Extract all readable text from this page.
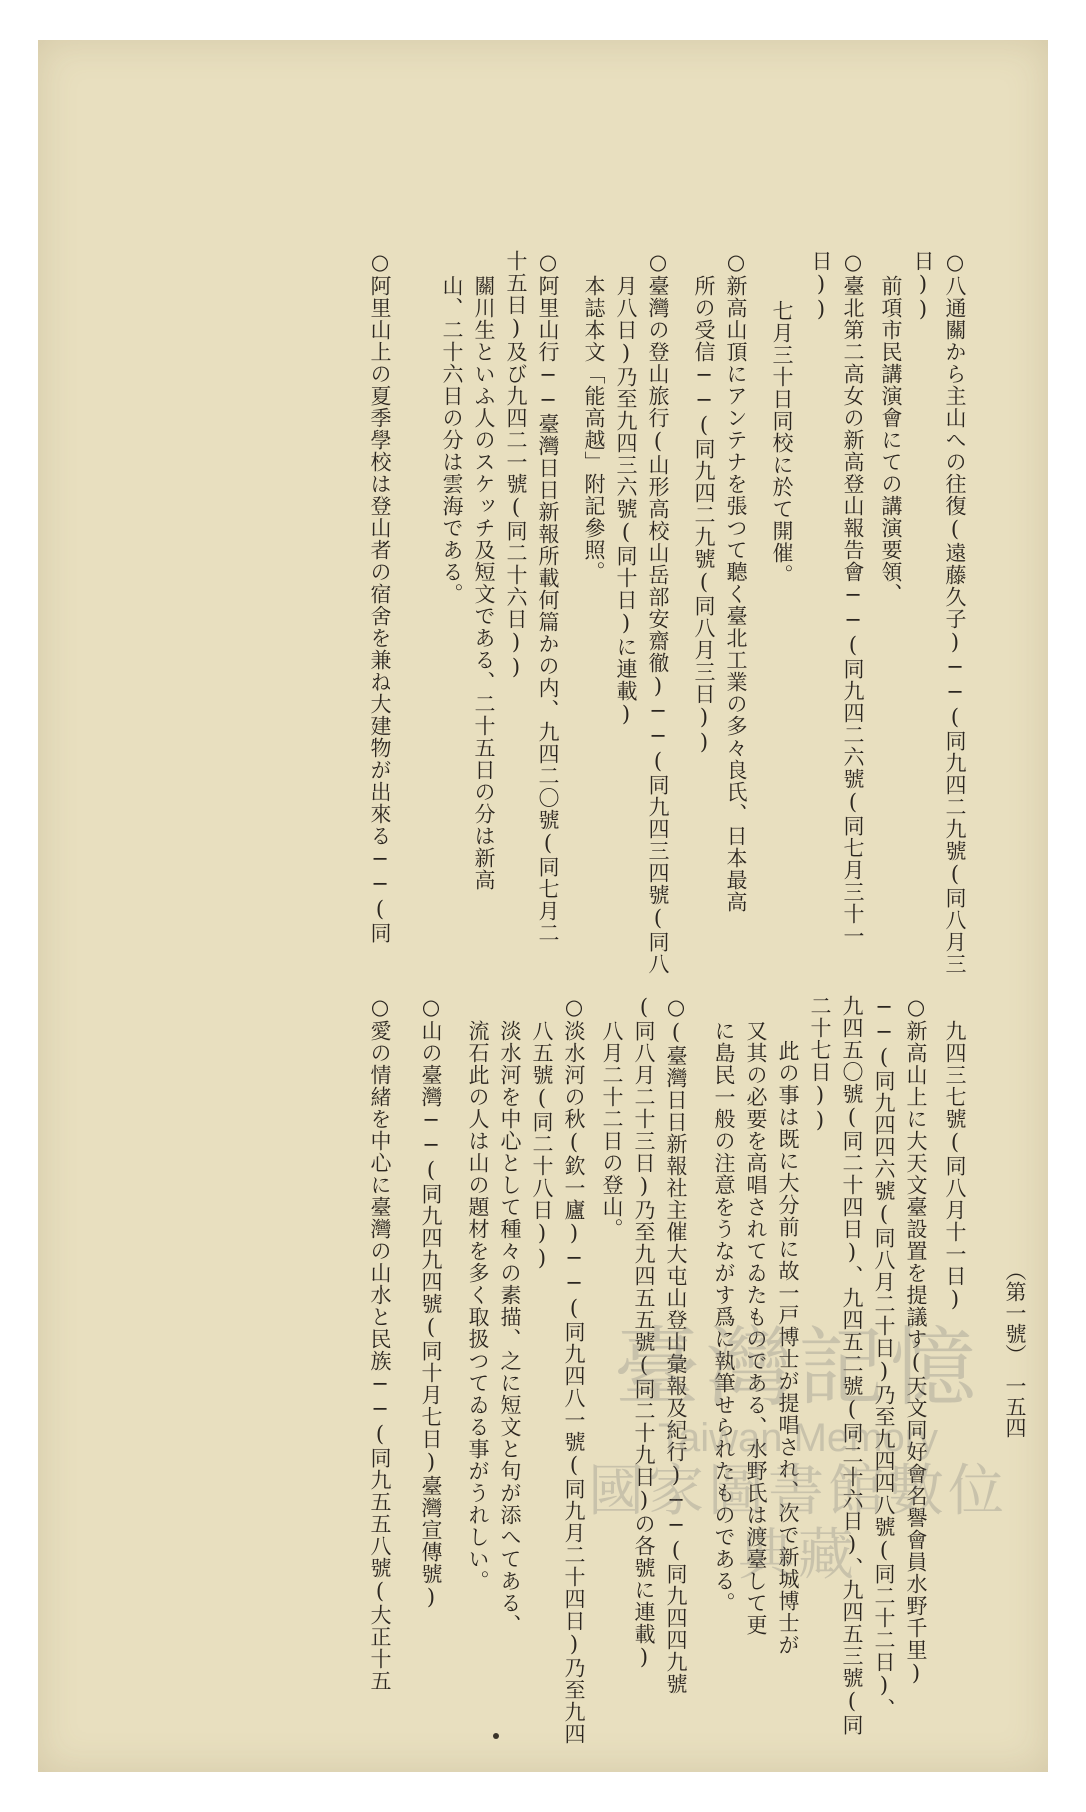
（第一號）
一五四

九四三七號(同八月十一日)

○新高山上に大天文臺設置を提議す(天文同好會名譽會員水野千里)

──(同九四四六號(同八月二十日)乃至九四四八號(同二十二日)、

九四五〇號(同二十四日)、九四五二號(同二十六日)、九四五三號(同

二十七日))

此の事は既に大分前に故一戸博士が提唱され、次で新城博士が

又其の必要を高唱されてゐたものである、水野氏は渡臺して更

に島民一般の注意をうながす爲に執筆せられたものである。

○(臺灣日日新報社主催大屯山登山彙報及紀行)──(同九四四九號

(同八月二十三日)乃至九四五五號(同二十九日)の各號に連載)

八月二十二日の登山。

○淡水河の秋(欽一廬)──(同九四八一號(同九月二十四日)乃至九四

八五號(同二十八日))

淡水河を中心として種々の素描、之に短文と句が添へてある、

流石此の人は山の題材を多く取扱つてゐる事がうれしい。

○山の臺灣──(同九四九四號(同十月七日)臺灣宣傳號)

○愛の情緒を中心に臺灣の山水と民族──(同九五五八號(大正十五

○八通關から主山への往復(遠藤久子)──(同九四二九號(同八月三

日))

前項市民講演會にての講演要領、

○臺北第二高女の新高登山報告會──(同九四二六號(同七月三十一

日))

七月三十日同校に於て開催。

○新高山頂にアンテナを張つて聽く臺北工業の多々良氏、日本最高

所の受信──(同九四二九號(同八月三日))

○臺灣の登山旅行(山形高校山岳部安齋徹)──(同九四三四號(同八

月八日)乃至九四三六號(同十日)に連載)

本誌本文「能高越」附記參照。

○阿里山行──臺灣日日新報所載何篇かの内、九四二〇號(同七月二

十五日)及び九四二一號(同二十六日))

關川生といふ人のスケッチ及短文である、二十五日の分は新高

山、二十六日の分は雲海である。

○阿里山上の夏季學校は登山者の宿舍を兼ね大建物が出來る──(同

臺灣記憶
Taiwan Memory
國家圖書館數位典藏
